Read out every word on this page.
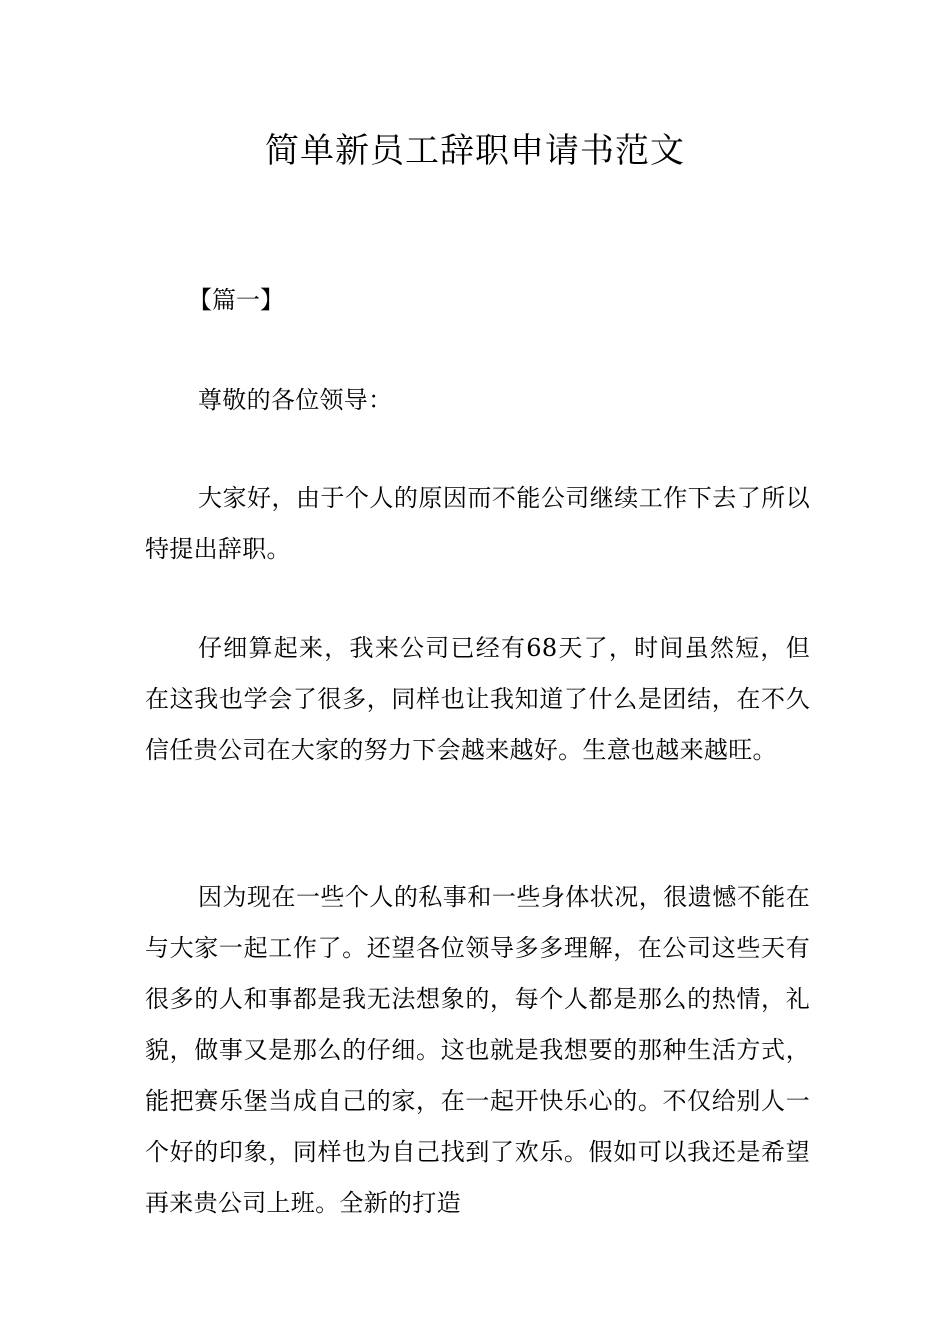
简单新员工辞职申请书范文

【篇一】

尊敬的各位领导：

大家好，由于个人的原因而不能公司继续工作下去了所以特提出辞职。

仔细算起来，我来公司已经有68天了，时间虽然短，但在这我也学会了很多，同样也让我知道了什么是团结，在不久信任贵公司在大家的努力下会越来越好。生意也越来越旺。

因为现在一些个人的私事和一些身体状况，很遗憾不能在与大家一起工作了。还望各位领导多多理解，在公司这些天有很多的人和事都是我无法想象的，每个人都是那么的热情，礼貌，做事又是那么的仔细。这也就是我想要的那种生活方式，能把赛乐堡当成自己的家，在一起开快乐心的。不仅给别人一个好的印象，同样也为自己找到了欢乐。假如可以我还是希望再来贵公司上班。全新的打造
